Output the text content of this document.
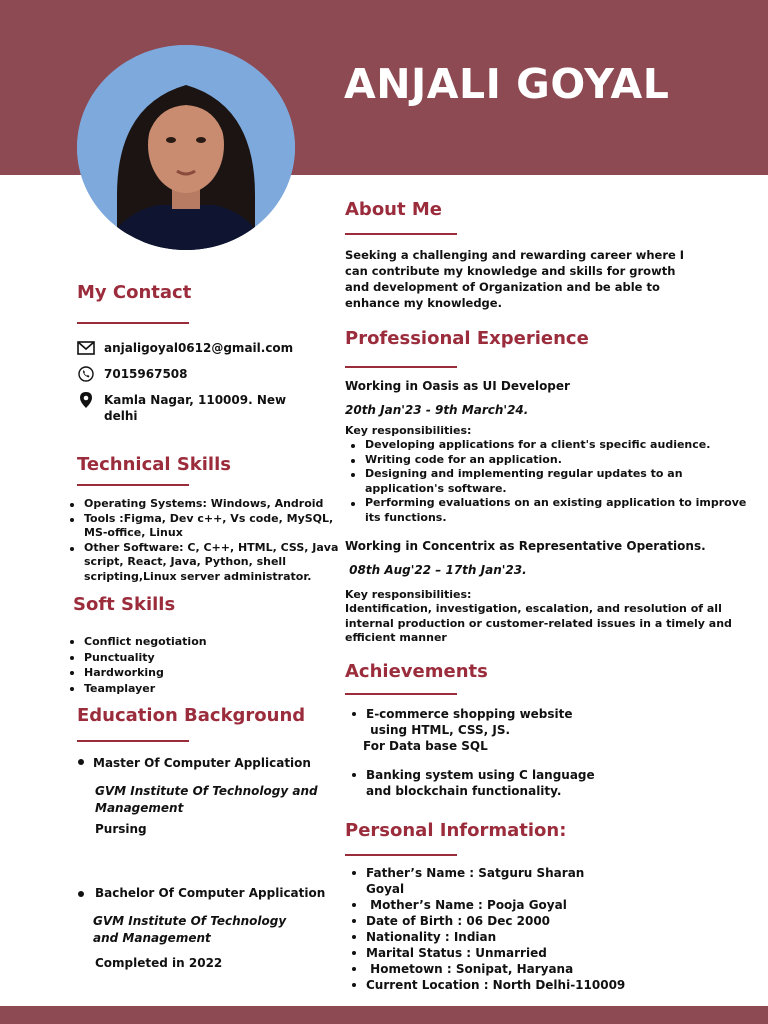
ANJALI GOYAL
My Contact
anjaligoyal0612@gmail.com
7015967508
Kamla Nagar, 110009. New
delhi
Technical Skills
Operating Systems: Windows, Android
Tools :Figma, Dev c++, Vs code, MySQL,
MS-office, Linux
Other Software: C, C++, HTML, CSS, Java
script, React, Java, Python, shell
scripting,Linux server administrator.
Soft Skills
Conflict negotiation
Punctuality
Hardworking
Teamplayer
Education Background
Master Of Computer Application
GVM Institute Of Technology and
Management
Pursing
Bachelor Of Computer Application
GVM Institute Of Technology
and Management
Completed in 2022
About Me
Seeking a challenging and rewarding career where I
can contribute my knowledge and skills for growth
and development of Organization and be able to
enhance my knowledge.
Professional Experience
Working in Oasis as UI Developer
20th Jan'23 - 9th March'24.
Key responsibilities:
Developing applications for a client's specific audience.
Writing code for an application.
Designing and implementing regular updates to an
application's software.
Performing evaluations on an existing application to improve
its functions.
Working in Concentrix as Representative Operations.
08th Aug'22 – 17th Jan'23.
Key responsibilities:
Identification, investigation, escalation, and resolution of all
internal production or customer-related issues in a timely and
efficient manner
Achievements
E-commerce shopping website
using HTML, CSS, JS.
For Data base SQL
Banking system using C language
and blockchain functionality.
Personal Information:
Father’s Name : Satguru Sharan
Goyal
Mother’s Name : Pooja Goyal
Date of Birth : 06 Dec 2000
Nationality : Indian
Marital Status : Unmarried
Hometown : Sonipat, Haryana
Current Location : North Delhi-110009
